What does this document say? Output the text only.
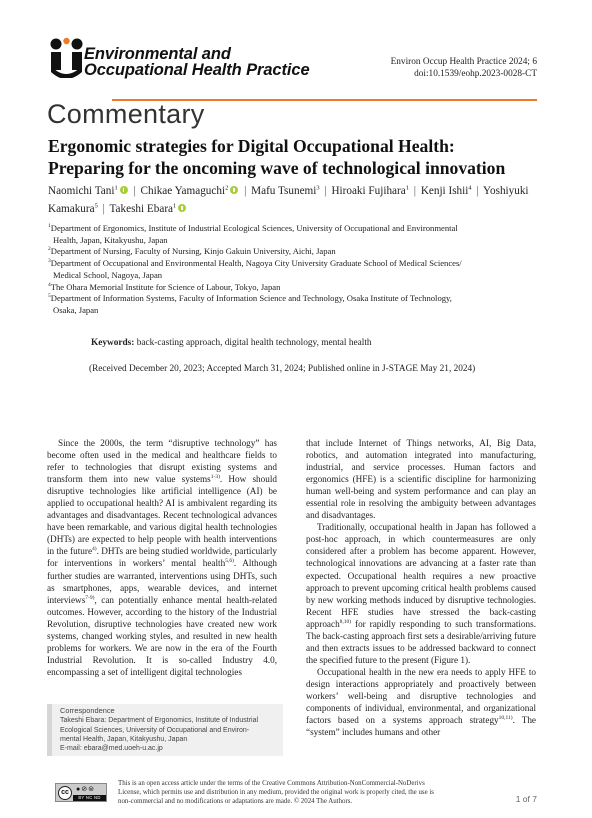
Environmental and
Occupational Health Practice	Environ Occup Health Practice 2024; 6
doi:10.1539/eohp.2023-0028-CT
Commentary
Ergonomic strategies for Digital Occupational Health:
Preparing for the oncoming wave of technological innovation
Naomichi Tani$^1$ | Chikae Yamaguchi$^2$ | Mafu Tsunemi$^3$ | Hiroaki Fujihara$^1$ | Kenji Ishii$^4$ | Yoshiyuki Kamakura$^5$ | Takeshi Ebara$^1$
$^1$Department of Ergonomics, Institute of Industrial Ecological Sciences, University of Occupational and Environmental
Health, Japan, Kitakyushu, Japan
$^2$Department of Nursing, Faculty of Nursing, Kinjo Gakuin University, Aichi, Japan
$^3$Department of Occupational and Environmental Health, Nagoya City University Graduate School of Medical Sciences/
Medical School, Nagoya, Japan
$^4$The Ohara Memorial Institute for Science of Labour, Tokyo, Japan
$^5$Department of Information Systems, Faculty of Information Science and Technology, Osaka Institute of Technology,
Osaka, Japan
Keywords: back-casting approach, digital health technology, mental health
(Received December 20, 2023; Accepted March 31, 2024; Published online in J-STAGE May 21, 2024)

Since the 2000s, the term “disruptive technology” has become often used in the medical and healthcare fields to refer to technologies that disrupt existing systems and transform them into new value systems$^{1-3)}$. How should disruptive technologies like artificial intelligence (AI) be applied to occupational health? AI is ambivalent regarding its advantages and disadvantages. Recent technological advances have been remarkable, and various digital health technologies (DHTs) are expected to help people with health interventions in the future$^{4)}$. DHTs are being studied worldwide, particularly for interventions in workers’ mental health$^{5,6)}$. Although further studies are warranted, interventions using DHTs, such as smartphones, apps, wearable devices, and internet interviews$^{7-9)}$, can potentially enhance mental health-related outcomes. However, according to the history of the Industrial Revolution, disruptive technologies have created new work systems, changed working styles, and resulted in new health problems for workers. We are now in the era of the Fourth Industrial Revolution. It is so-called Industry 4.0, encompassing a set of intelligent digital technologies

that include Internet of Things networks, AI, Big Data, robotics, and automation integrated into manufacturing, industrial, and service processes. Human factors and ergonomics (HFE) is a scientific discipline for harmonizing human well-being and system performance and can play an essential role in resolving the ambiguity between advantages and disadvantages.

Traditionally, occupational health in Japan has followed a post-hoc approach, in which countermeasures are only considered after a problem has become apparent. However, technological innovations are advancing at a faster rate than expected. Occupational health requires a new proactive approach to prevent upcoming critical health problems caused by new working methods induced by disruptive technologies. Recent HFE studies have stressed the back-casting approach$^{8,10)}$ for rapidly responding to such transformations. The back-casting approach first sets a desirable/arriving future and then extracts issues to be addressed backward to connect the specified future to the present (Figure 1).

Occupational health in the new era needs to apply HFE to design interactions appropriately and proactively between workers’ well-being and disruptive technologies and components of individual, environmental, and organizational factors based on a systems approach strategy$^{10,11)}$. The “system” includes humans and other

Correspondence
Takeshi Ebara: Department of Ergonomics, Institute of Industrial
Ecological Sciences, University of Occupational and Environ-
mental Health, Japan, Kitakyushu, Japan
E-mail: ebara@med.uoeh-u.ac.jp
cc	●⊘⊜
BY NC ND
This is an open access article under the terms of the Creative Commons Attribution-NonCommercial-NoDerivs
License, which permits use and distribution in any medium, provided the original work is properly cited, the use is
non-commercial and no modifications or adaptations are made. © 2024 The Authors.	1 of 7
